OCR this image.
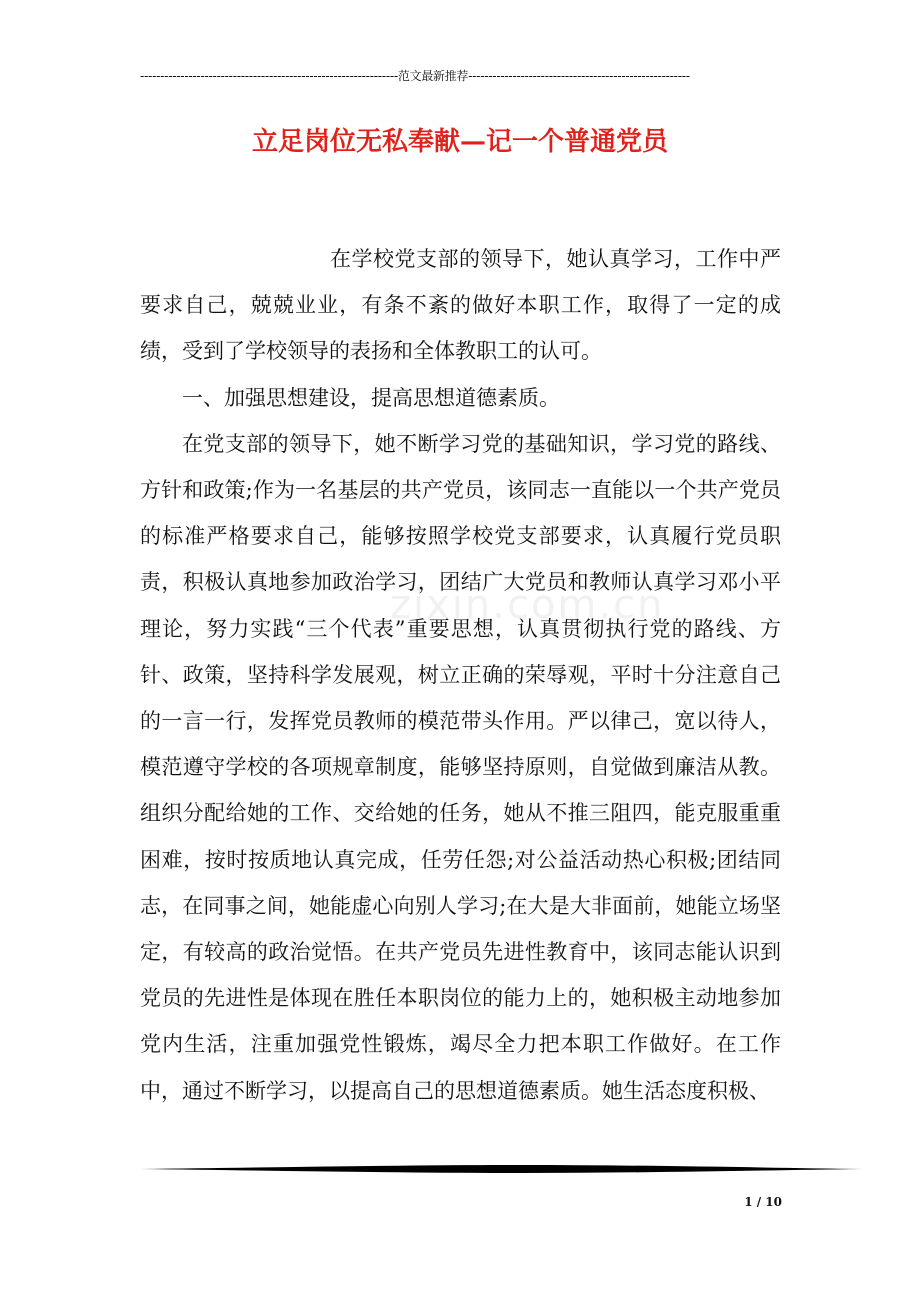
----------------------------------------------------------------范文最新推荐-------------------------------------------------------
立足岗位无私奉献—记一个普通党员

在学校党支部的领导下，她认真学习，工作中严要求自己，兢兢业业，有条不紊的做好本职工作，取得了一定的成绩，受到了学校领导的表扬和全体教职工的认可。

一、加强思想建设，提高思想道德素质。

在党支部的领导下，她不断学习党的基础知识，学习党的路线、方针和政策;作为一名基层的共产党员，该同志一直能以一个共产党员的标准严格要求自己，能够按照学校党支部要求，认真履行党员职责，积极认真地参加政治学习，团结广大党员和教师认真学习邓小平理论，努力实践“三个代表”重要思想，认真贯彻执行党的路线、方针、政策，坚持科学发展观，树立正确的荣辱观，平时十分注意自己的一言一行，发挥党员教师的模范带头作用。严以律己，宽以待人，模范遵守学校的各项规章制度，能够坚持原则，自觉做到廉洁从教。组织分配给她的工作、交给她的任务，她从不推三阻四，能克服重重困难，按时按质地认真完成，任劳任怨;对公益活动热心积极;团结同志，在同事之间，她能虚心向别人学习;在大是大非面前，她能立场坚定，有较高的政治觉悟。在共产党员先进性教育中，该同志能认识到党员的先进性是体现在胜任本职岗位的能力上的，她积极主动地参加党内生活，注重加强党性锻炼，竭尽全力把本职工作做好。在工作中，通过不断学习，以提高自己的思想道德素质。她生活态度积极、

zixin.com.cn
1 / 10
